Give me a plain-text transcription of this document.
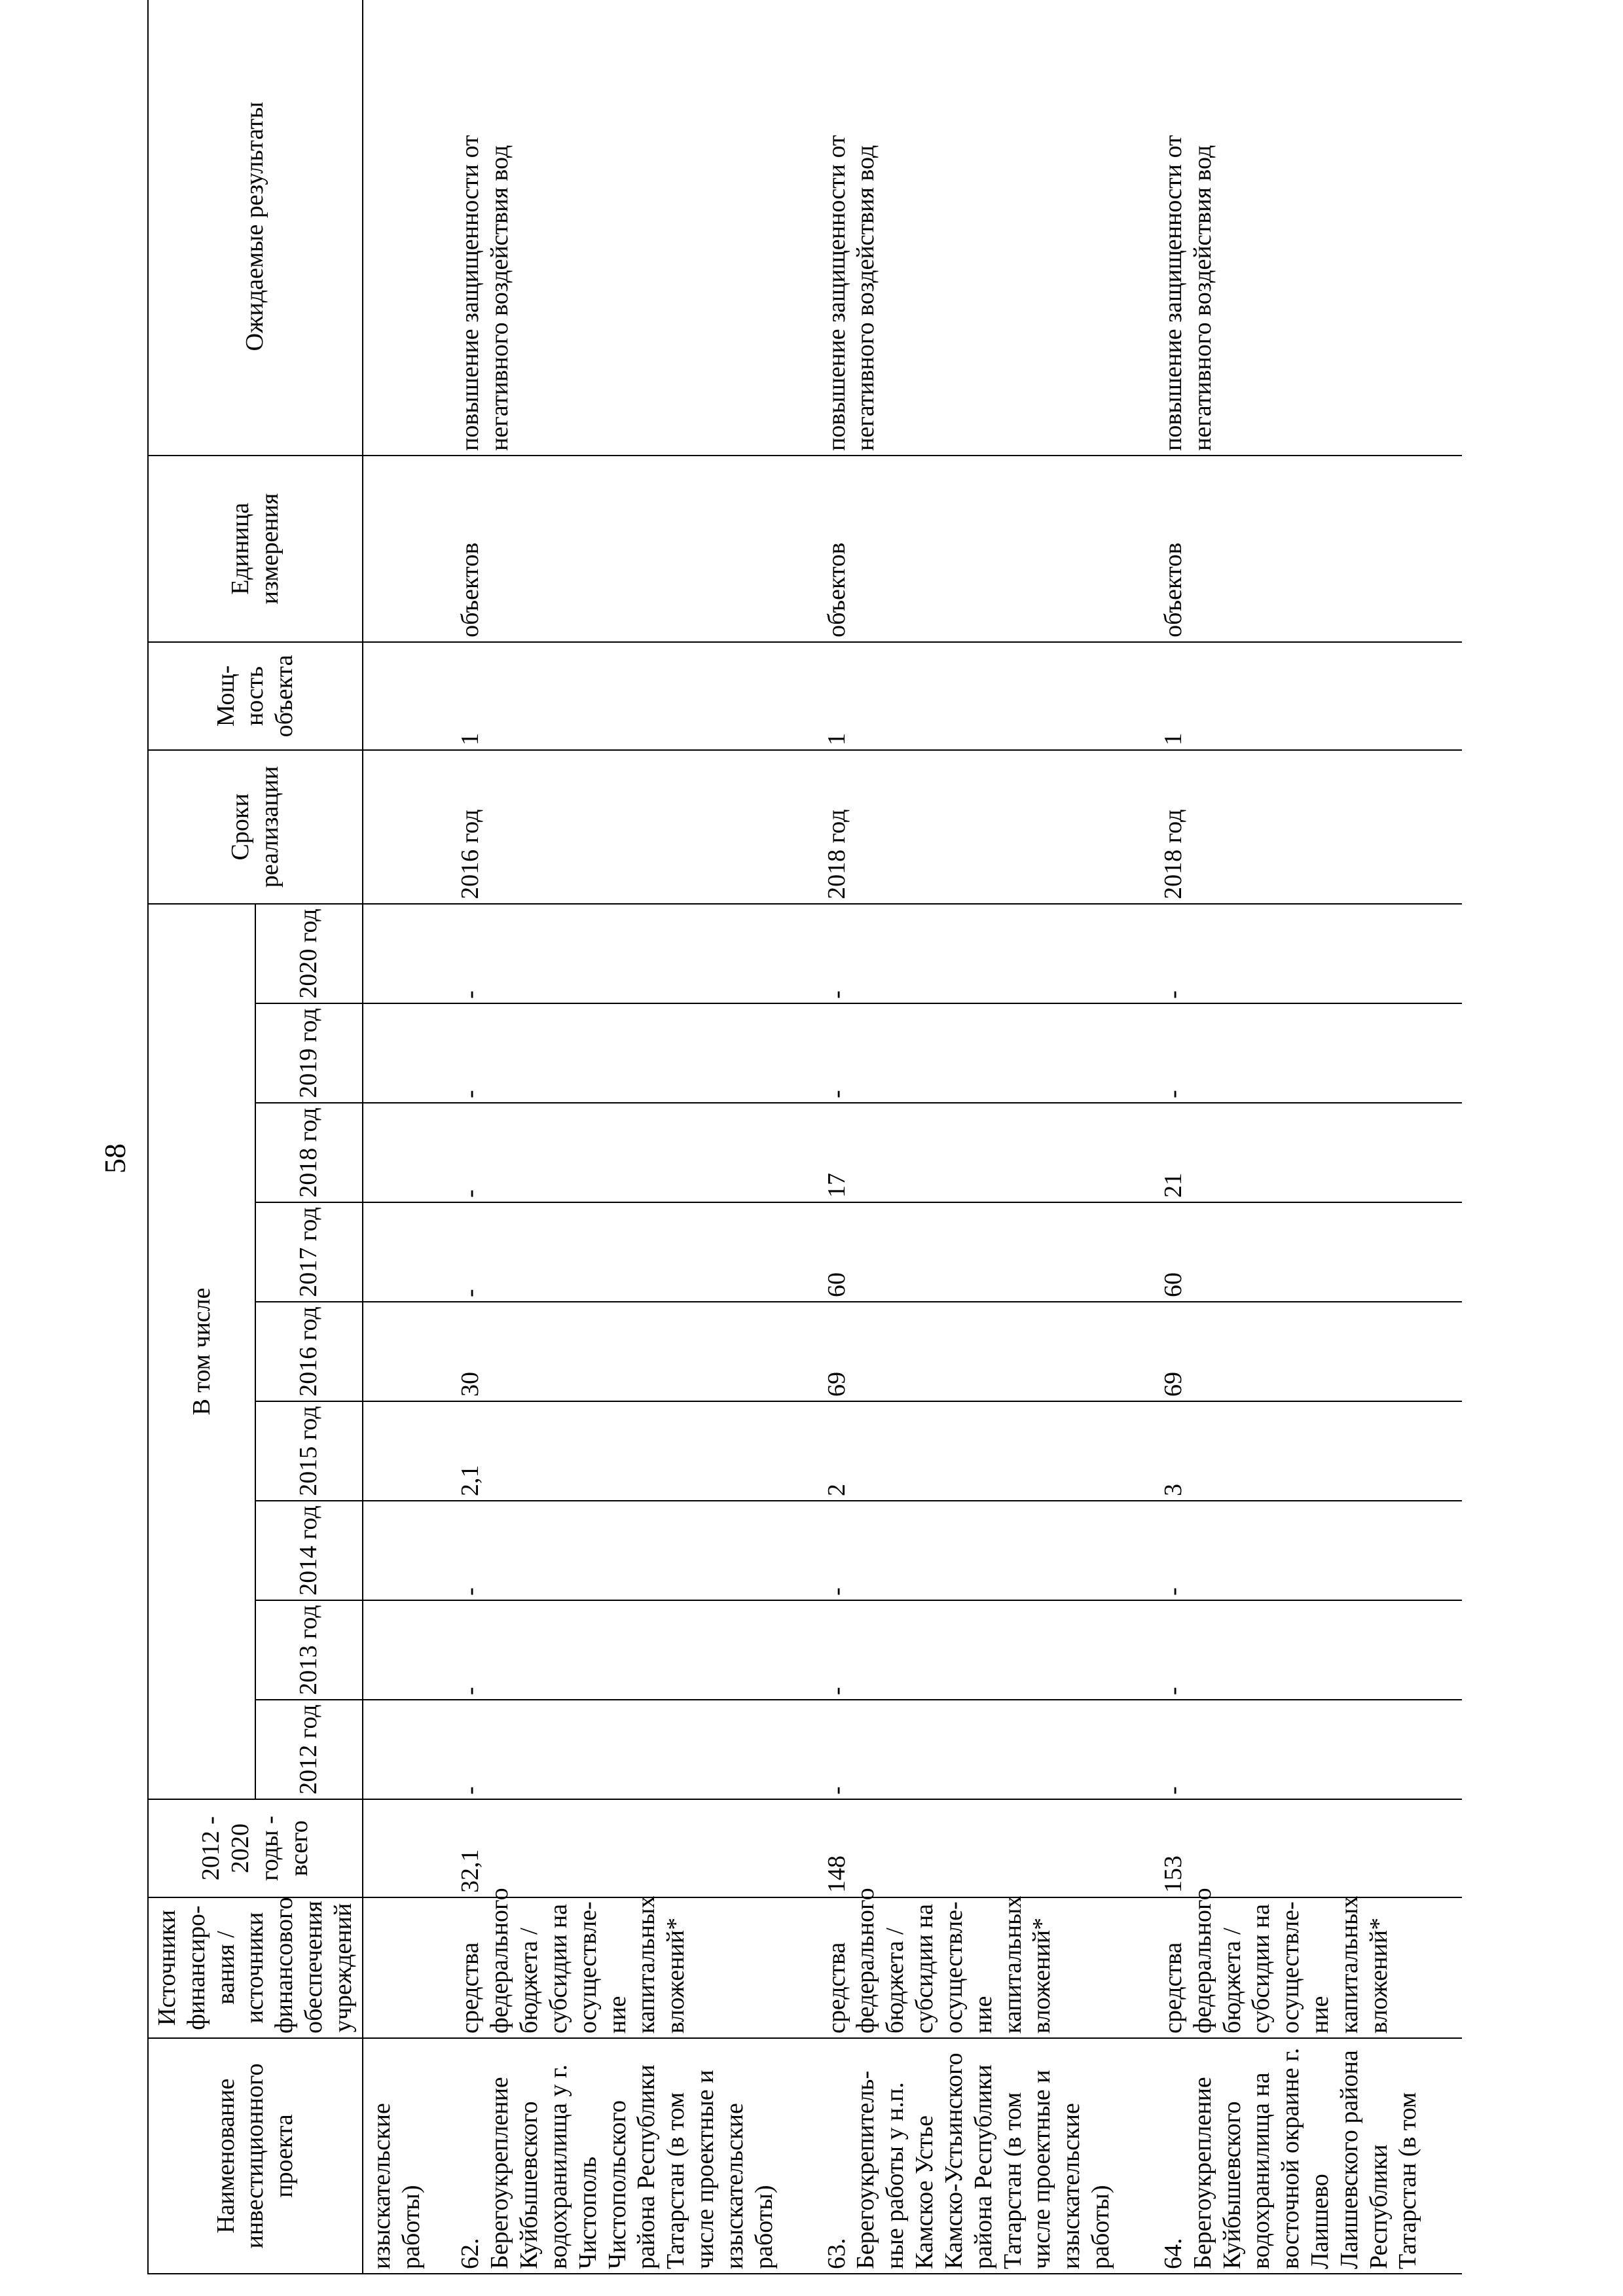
58
Наименование инвестиционного проекта	Источники финансиро-вания / источники финансового обеспечения учреждений	2012 - 2020 годы - всего	В том числе									Сроки реализации	Мощ-ность объекта	Единица измерения	Ожидаемые результаты
			2012 год	2013 год	2014 год	2015 год	2016 год	2017 год	2018 год	2019 год	2020 год				
изыскательские работы)															
62.Берегоукрепление Куйбышевского водохранилища у г. Чистополь Чистопольского района Республики Татарстан (в том числе проектные и изыскательские работы)	средства федерального бюджета / субсидии на осуществле-ние капитальных вложений*	32,1	-	-	-	2,1	30	-	-	-	-	2016 год	1	объектов	повышение защищенности от негативного воздействия вод
63.Берегоукрепитель-ные работы у н.п. Камское Устье Камско-Устьинского района Республики Татарстан (в том числе проектные и изыскательские работы)	средства федерального бюджета / субсидии на осуществле-ние капитальных вложений*	148	-	-	-	2	69	60	17	-	-	2018 год	1	объектов	повышение защищенности от негативного воздействия вод
64.Берегоукрепление Куйбышевского водохранилища на восточной окраине г. Лаишево Лаишевского района Республики Татарстан (в том	средства федерального бюджета / субсидии на осуществле-ние капитальных вложений*	153	-	-	-	3	69	60	21	-	-	2018 год	1	объектов	повышение защищенности от негативного воздействия вод
